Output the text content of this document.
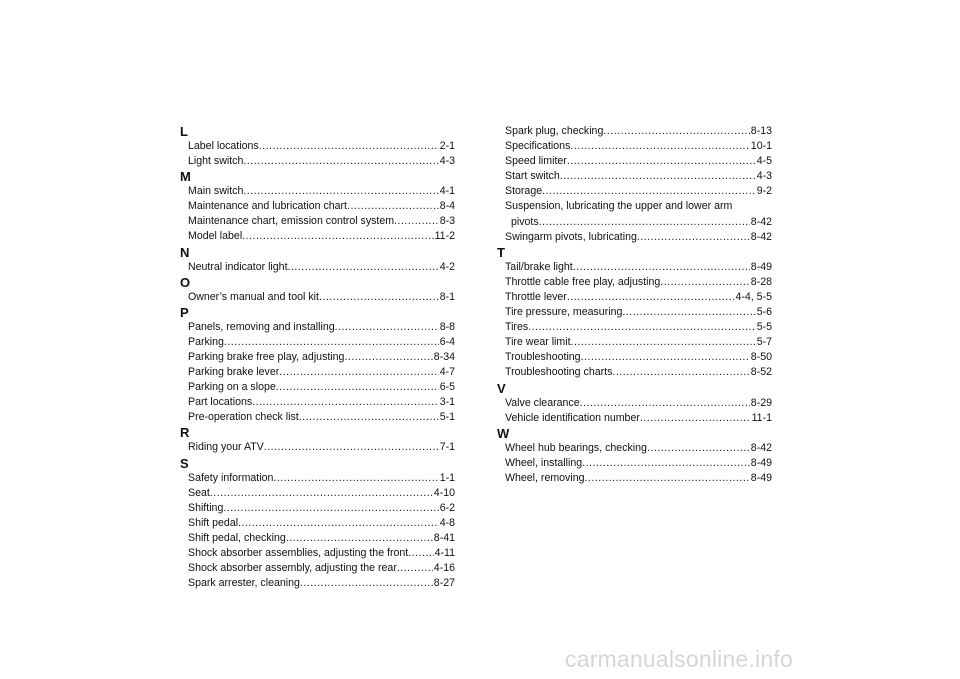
L
Label locations .....	2-1
Light switch .....	4-3
M
Main switch .....	4-1
Maintenance and lubrication chart .....	8-4
Maintenance chart, emission control system .....	8-3
Model label .....	11-2
N
Neutral indicator light .....	4-2
O
Owner’s manual and tool kit .....	8-1
P
Panels, removing and installing .....	8-8
Parking .....	6-4
Parking brake free play, adjusting .....	8-34
Parking brake lever .....	4-7
Parking on a slope .....	6-5
Part locations .....	3-1
Pre-operation check list .....	5-1
R
Riding your ATV .....	7-1
S
Safety information .....	1-1
Seat .....	4-10
Shifting .....	6-2
Shift pedal .....	4-8
Shift pedal, checking .....	8-41
Shock absorber assemblies, adjusting the front ..... 4-11
Shock absorber assembly, adjusting the rear .....	4-16
Spark arrester, cleaning .....	8-27
Spark plug, checking .....	8-13
Specifications .....	10-1
Speed limiter .....	4-5
Start switch .....	4-3
Storage .....	9-2
Suspension, lubricating the upper and lower arm
pivots .....	8-42
Swingarm pivots, lubricating .....	8-42
T
Tail/brake light .....	8-49
Throttle cable free play, adjusting .....	8-28
Throttle lever .....	4-4, 5-5
Tire pressure, measuring .....	5-6
Tires .....	5-5
Tire wear limit .....	5-7
Troubleshooting .....	8-50
Troubleshooting charts .....	8-52
V
Valve clearance .....	8-29
Vehicle identification number .....	11-1
W
Wheel hub bearings, checking .....	8-42
Wheel, installing .....	8-49
Wheel, removing .....	8-49
carmanualsonline.info
